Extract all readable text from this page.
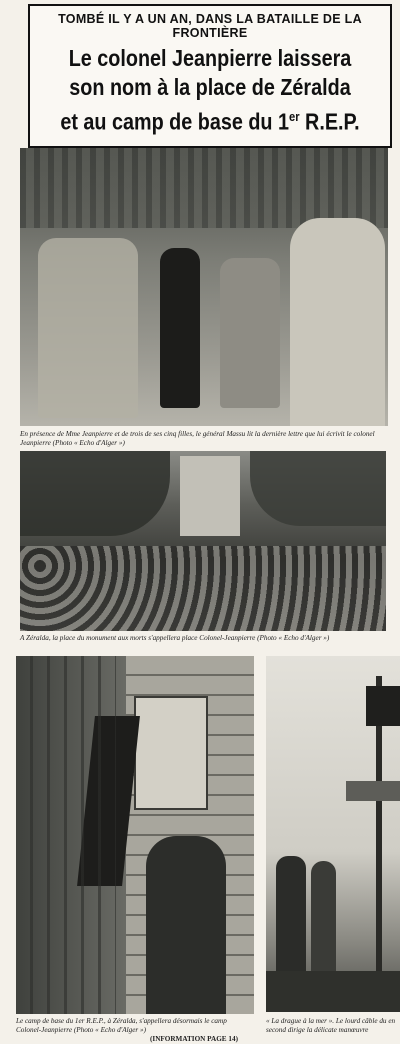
TOMBÉ IL Y A UN AN, DANS LA BATAILLE DE LA FRONTIÈRE
Le colonel Jeanpierre laissera
son nom à la place de Zéralda
et au camp de base du 1er R.E.P.
En présence de Mme Jeanpierre et de trois de ses cinq filles, le général Massu lit la dernière lettre que lui écrivit le colonel Jeanpierre (Photo « Echo d'Alger »)
A Zéralda, la place du monument aux morts s'appellera place Colonel-Jeanpierre (Photo « Echo d'Alger »)
Le camp de base du 1er R.E.P., à Zéralda, s'appellera désormais le camp Colonel-Jeanpierre (Photo « Echo d'Alger »)
(INFORMATION PAGE 14)
« La drague à la mer ». Le lourd câble du en second dirige la délicate manœuvre
